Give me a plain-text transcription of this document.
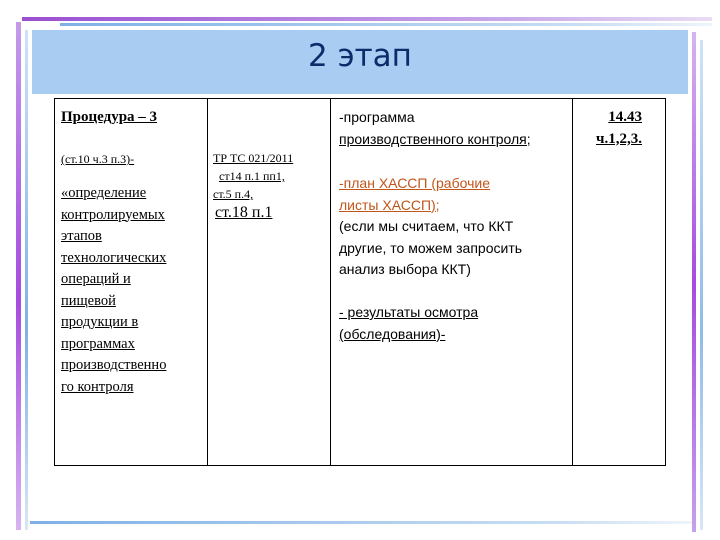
2 этап
Процедура – 3
(ст.10 ч.3 п.3)-
«определение
контролируемых
этапов
технологических
операций и
пищевой
продукции в
программах
производственно
го контроля
ТР ТС 021/2011
ст14 п.1 пп1,
ст.5 п.4,
ст.18 п.1
-программа
производственного контроля;
-план ХАССП (рабочие
листы ХАССП);
(если мы считаем, что ККТ
другие, то можем запросить
анализ выбора ККТ)
- результаты осмотра
(обследования)-
14.43
ч.1,2,3.
